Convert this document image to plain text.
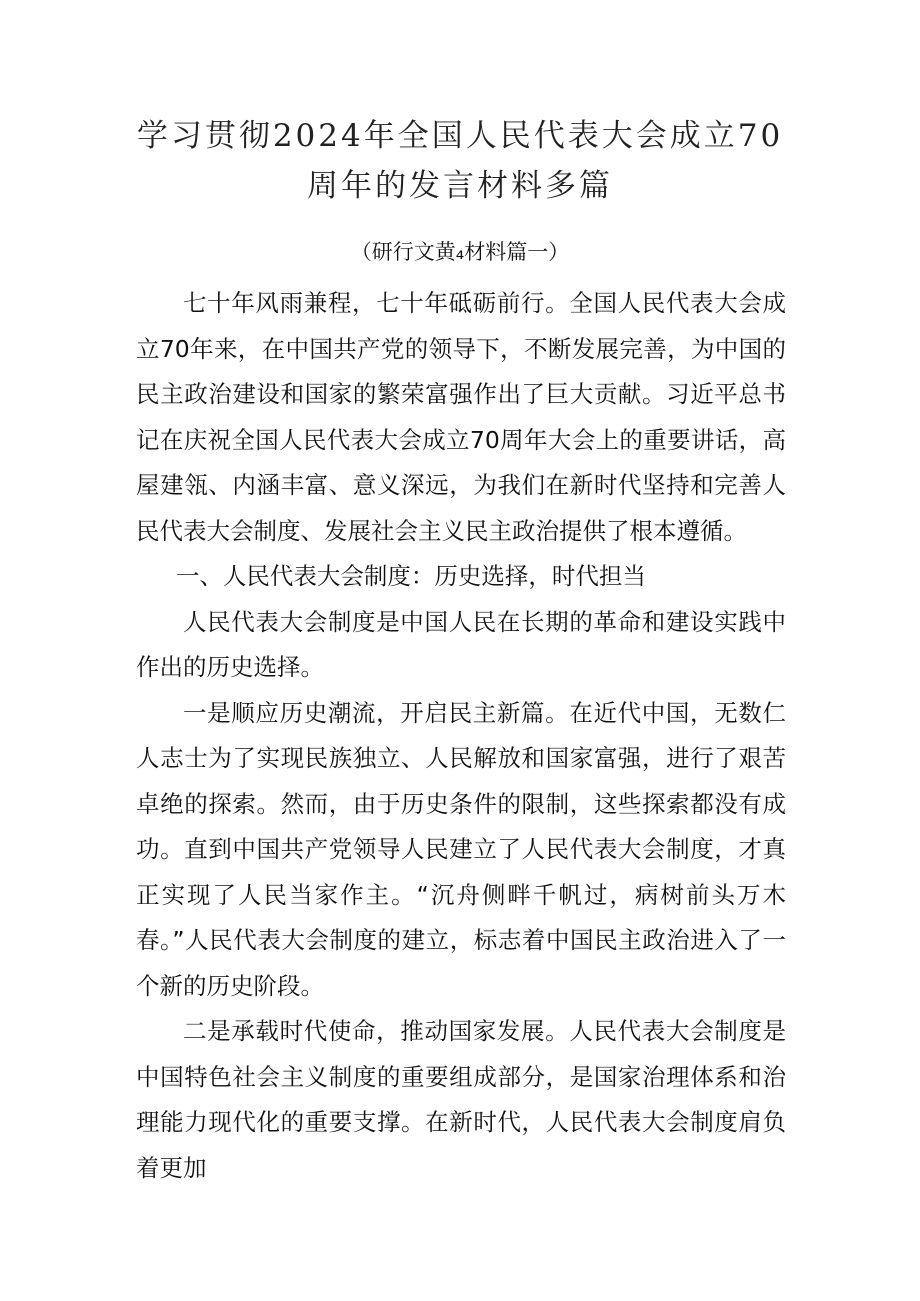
学习贯彻2024年全国人民代表大会成立70
周年的发言材料多篇
（研行文黄₄材料篇一）

七十年风雨兼程，七十年砥砺前行。全国人民代表大会成立70年来，在中国共产党的领导下，不断发展完善，为中国的民主政治建设和国家的繁荣富强作出了巨大贡献。习近平总书记在庆祝全国人民代表大会成立70周年大会上的重要讲话，高屋建瓴、内涵丰富、意义深远，为我们在新时代坚持和完善人民代表大会制度、发展社会主义民主政治提供了根本遵循。

一、人民代表大会制度：历史选择，时代担当

人民代表大会制度是中国人民在长期的革命和建设实践中作出的历史选择。

一是顺应历史潮流，开启民主新篇。在近代中国，无数仁人志士为了实现民族独立、人民解放和国家富强，进行了艰苦卓绝的探索。然而，由于历史条件的限制，这些探索都没有成功。直到中国共产党领导人民建立了人民代表大会制度，才真正实现了人民当家作主。“沉舟侧畔千帆过，病树前头万木春。”人民代表大会制度的建立，标志着中国民主政治进入了一个新的历史阶段。

二是承载时代使命，推动国家发展。人民代表大会制度是中国特色社会主义制度的重要组成部分，是国家治理体系和治理能力现代化的重要支撑。在新时代，人民代表大会制度肩负着更加
